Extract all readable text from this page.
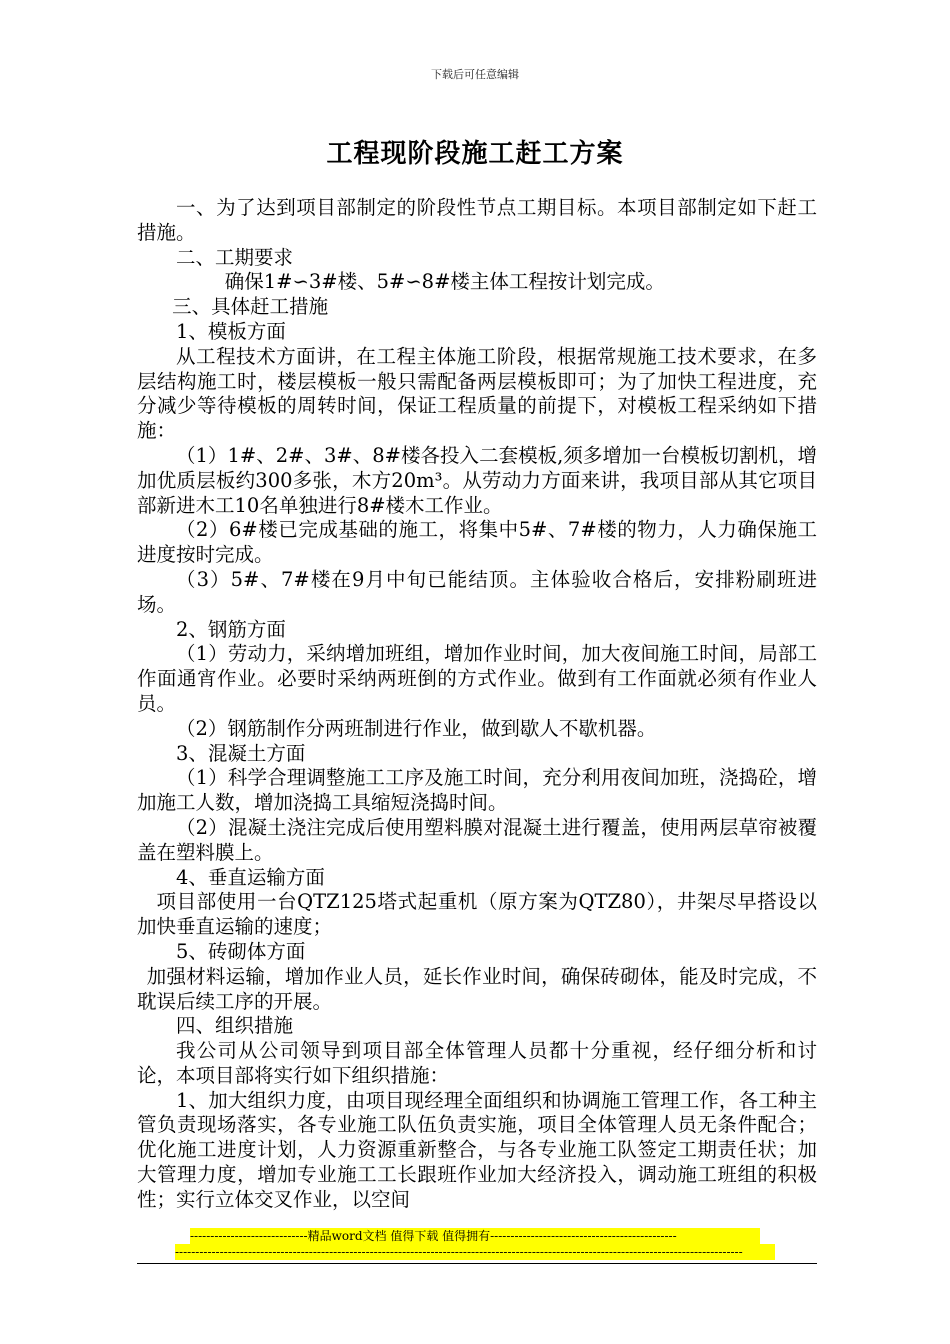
下载后可任意编辑
工程现阶段施工赶工方案

一、为了达到项目部制定的阶段性节点工期目标。本项目部制定如下赶工措施。

二、工期要求

确保1#∽3#楼、5#∽8#楼主体工程按计划完成。

三、具体赶工措施

1、模板方面

从工程技术方面讲，在工程主体施工阶段，根据常规施工技术要求，在多层结构施工时，楼层模板一般只需配备两层模板即可；为了加快工程进度，充分减少等待模板的周转时间，保证工程质量的前提下，对模板工程采纳如下措施：

（1）1#、2#、3#、8#楼各投入二套模板,须多增加一台模板切割机，增加优质层板约300多张，木方20m³。从劳动力方面来讲，我项目部从其它项目部新进木工10名单独进行8#楼木工作业。

（2）6#楼已完成基础的施工，将集中5#、7#楼的物力，人力确保施工进度按时完成。

（3）5#、7#楼在9月中旬已能结顶。主体验收合格后，安排粉刷班进场。

2、钢筋方面

（1）劳动力，采纳增加班组，增加作业时间，加大夜间施工时间，局部工作面通宵作业。必要时采纳两班倒的方式作业。做到有工作面就必须有作业人员。

（2）钢筋制作分两班制进行作业，做到歇人不歇机器。

3、混凝土方面

（1）科学合理调整施工工序及施工时间，充分利用夜间加班，浇捣砼，增加施工人数，增加浇捣工具缩短浇捣时间。

（2）混凝土浇注完成后使用塑料膜对混凝土进行覆盖，使用两层草帘被覆盖在塑料膜上。

4、垂直运输方面

项目部使用一台QTZ125塔式起重机（原方案为QTZ80），井架尽早搭设以加快垂直运输的速度；

5、砖砌体方面

加强材料运输，增加作业人员，延长作业时间，确保砖砌体，能及时完成，不耽误后续工序的开展。

四、组织措施

我公司从公司领导到项目部全体管理人员都十分重视，经仔细分析和讨论，本项目部将实行如下组织措施：

1、加大组织力度，由项目现经理全面组织和协调施工管理工作，各工种主管负责现场落实，各专业施工队伍负责实施，项目全体管理人员无条件配合；优化施工进度计划，人力资源重新整合，与各专业施工队签定工期责任状；加大管理力度，增加专业施工工长跟班作业加大经济投入，调动施工班组的积极性；实行立体交叉作业，以空间

-----------------------------精品word文档 值得下载 值得拥有----------------------------------------------
--------------------------------------------------------------------------------------------------------------------------------------------
